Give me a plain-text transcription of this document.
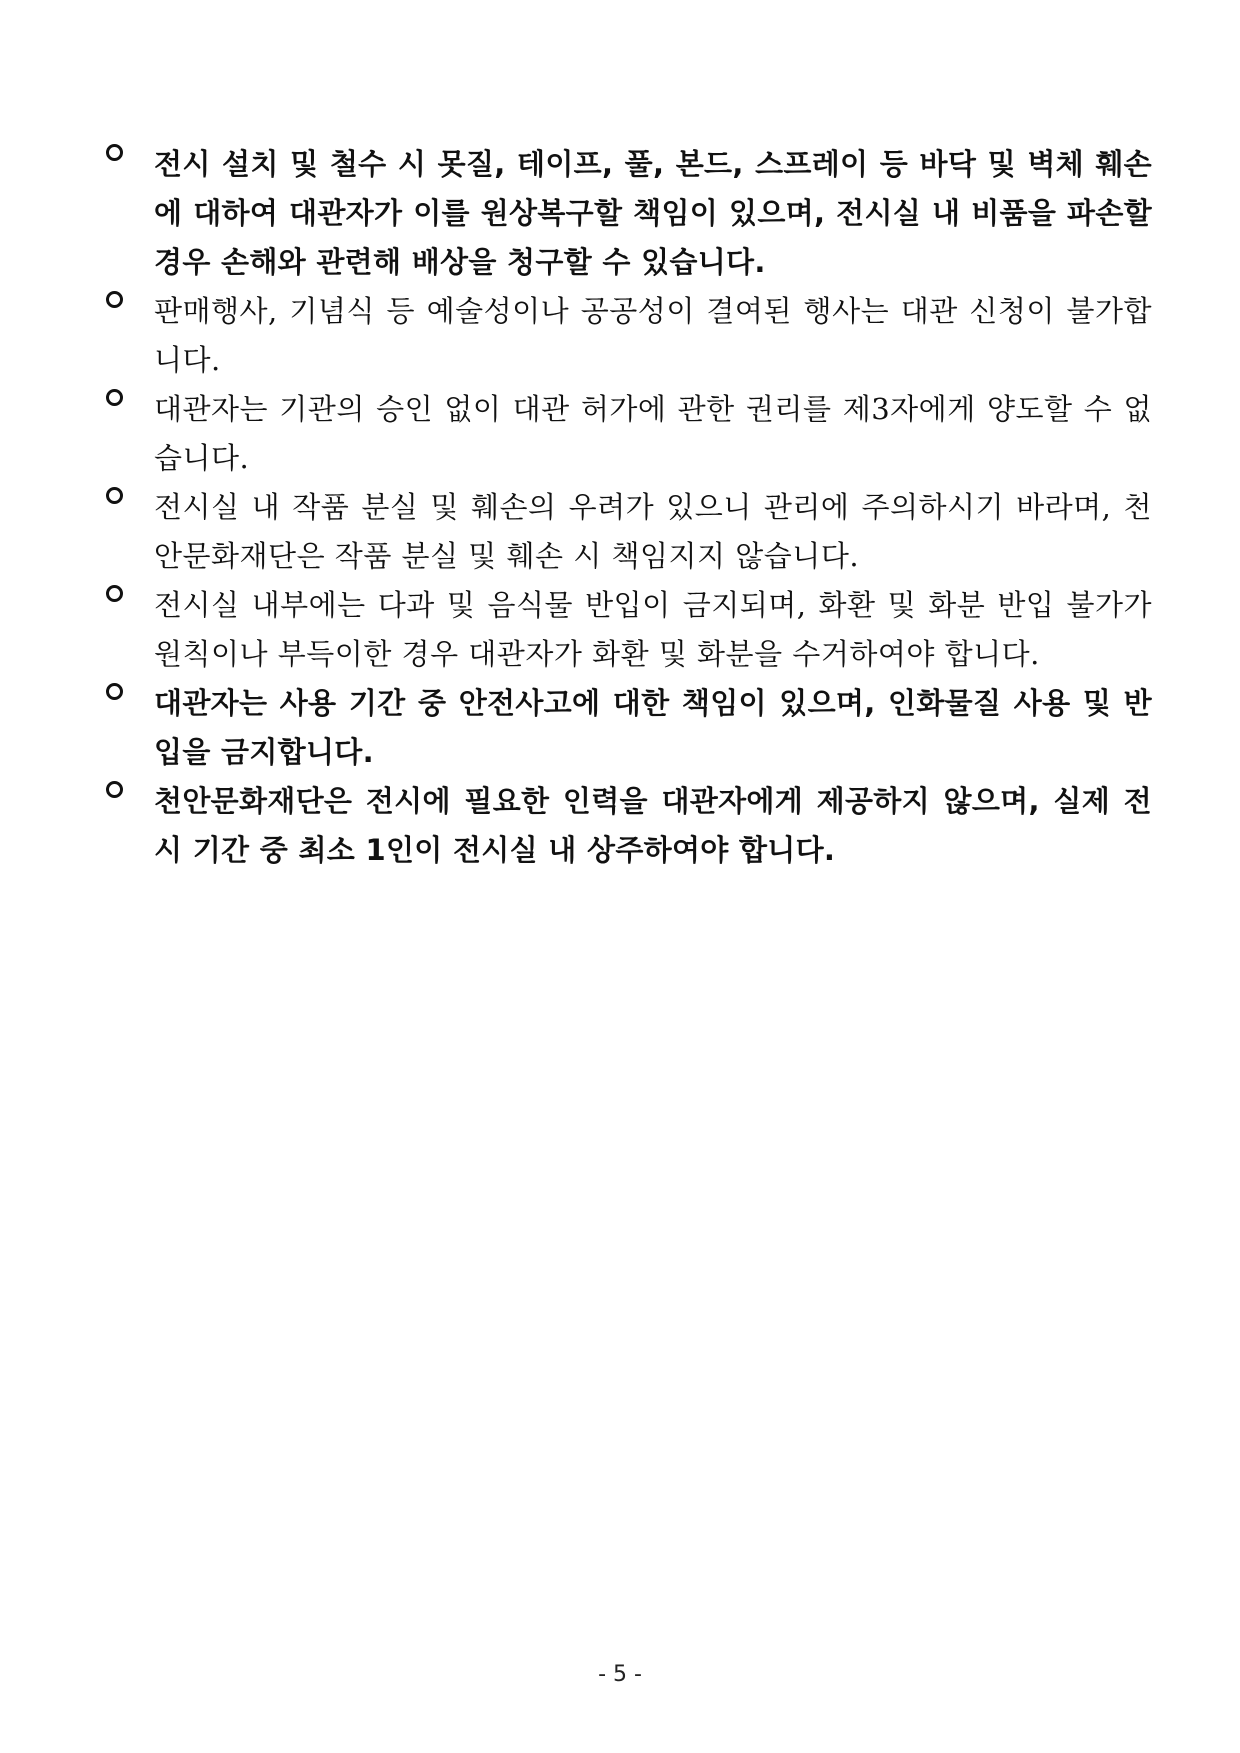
전시 설치 및 철수 시 못질, 테이프, 풀, 본드, 스프레이 등 바닥 및 벽체 훼손에 대하여 대관자가 이를 원상복구할 책임이 있으며, 전시실 내 비품을 파손할 경우 손해와 관련해 배상을 청구할 수 있습니다.
판매행사, 기념식 등 예술성이나 공공성이 결여된 행사는 대관 신청이 불가합니다.
대관자는 기관의 승인 없이 대관 허가에 관한 권리를 제3자에게 양도할 수 없습니다.
전시실 내 작품 분실 및 훼손의 우려가 있으니 관리에 주의하시기 바라며, 천안문화재단은 작품 분실 및 훼손 시 책임지지 않습니다.
전시실 내부에는 다과 및 음식물 반입이 금지되며, 화환 및 화분 반입 불가가 원칙이나 부득이한 경우 대관자가 화환 및 화분을 수거하여야 합니다.
대관자는 사용 기간 중 안전사고에 대한 책임이 있으며, 인화물질 사용 및 반입을 금지합니다.
천안문화재단은 전시에 필요한 인력을 대관자에게 제공하지 않으며, 실제 전시 기간 중 최소 1인이 전시실 내 상주하여야 합니다.
- 5 -
